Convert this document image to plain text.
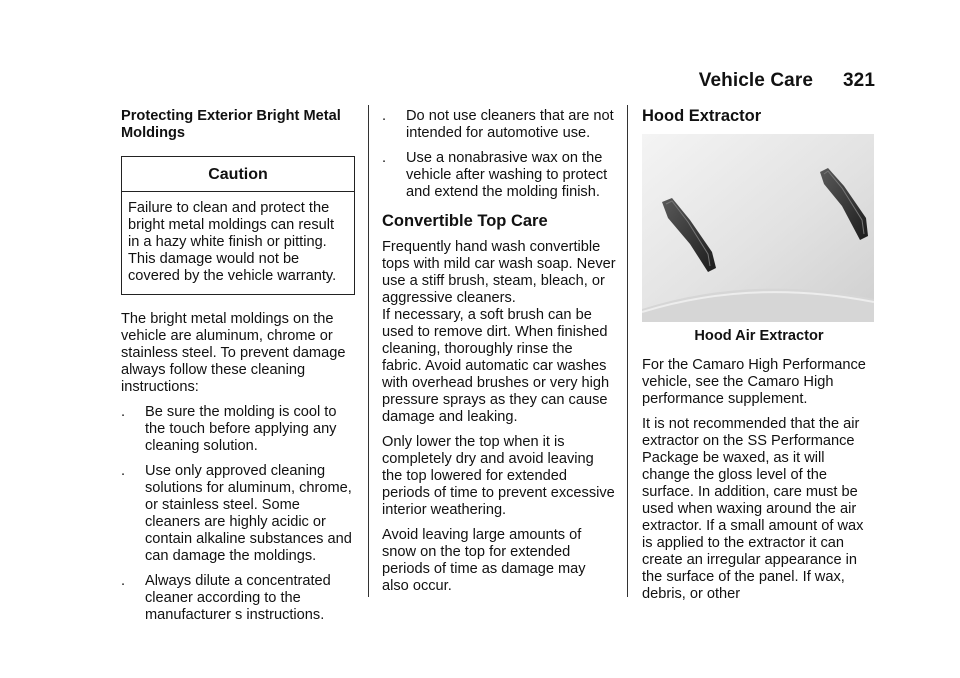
Vehicle Care 321
Protecting Exterior Bright Metal Moldings
Caution
Failure to clean and protect the bright metal moldings can result in a hazy white finish or pitting. This damage would not be covered by the vehicle warranty.

The bright metal moldings on the vehicle are aluminum, chrome or stainless steel. To prevent damage always follow these cleaning instructions:

.	Be sure the molding is cool to the touch before applying any cleaning solution.
.	Use only approved cleaning solutions for aluminum, chrome, or stainless steel. Some cleaners are highly acidic or contain alkaline substances and can damage the moldings.
.	Always dilute a concentrated cleaner according to the manufacturer s instructions.
.	Do not use cleaners that are not intended for automotive use.
.	Use a nonabrasive wax on the vehicle after washing to protect and extend the molding finish.
Convertible Top Care

Frequently hand wash convertible tops with mild car wash soap. Never use a stiff brush, steam, bleach, or aggressive cleaners.
If necessary, a soft brush can be used to remove dirt. When finished cleaning, thoroughly rinse the fabric. Avoid automatic car washes with overhead brushes or very high pressure sprays as they can cause damage and leaking.

Only lower the top when it is completely dry and avoid leaving the top lowered for extended periods of time to prevent excessive interior weathering.

Avoid leaving large amounts of snow on the top for extended periods of time as damage may also occur.

Hood Extractor
Hood Air Extractor

For the Camaro High Performance vehicle, see the Camaro High performance supplement.

It is not recommended that the air extractor on the SS Performance Package be waxed, as it will change the gloss level of the surface. In addition, care must be used when waxing around the air extractor. If a small amount of wax is applied to the extractor it can create an irregular appearance in the surface of the panel. If wax, debris, or other
